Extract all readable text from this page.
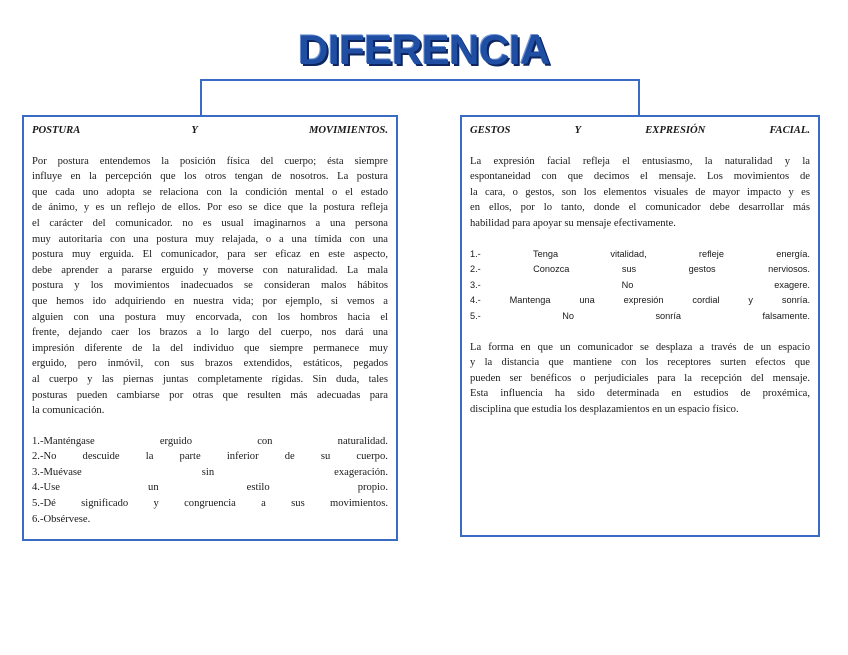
DIFERENCIA
POSTURA	Y	MOVIMIENTOS.
Por postura entendemos la posición física del cuerpo; ésta siempre
influye en la percepción que los otros tengan de nosotros. La postura
que cada uno adopta se relaciona con la condición mental o el estado
de ánimo, y es un reflejo de ellos. Por eso se dice que la postura refleja
el carácter del comunicador. no es usual imaginarnos a una persona
muy autoritaria con una postura muy relajada, o a una tímida con una
postura muy erguida. El comunicador, para ser eficaz en este aspecto,
debe aprender a pararse erguido y moverse con naturalidad. La mala
postura y los movimientos inadecuados se consideran malos hábitos
que hemos ido adquiriendo en nuestra vida; por ejemplo, si vemos a
alguien con una postura muy encorvada, con los hombros hacia el
frente, dejando caer los brazos a lo largo del cuerpo, nos dará una
impresión diferente de la del individuo que siempre permanece muy
erguido, pero inmóvil, con sus brazos extendidos, estáticos, pegados
al cuerpo y las piernas juntas completamente rígidas. Sin duda, tales
posturas pueden cambiarse por otras que resulten más adecuadas para
la comunicación.
1.-Manténgase	erguido	con	naturalidad.
2.-No descuide la parte inferior de su cuerpo.
3.-Muévase	sin	exageración.
4.-Use	un	estilo	propio.
5.-Dé significado y congruencia a sus movimientos.
6.-Obsérvese.
GESTOS	Y	EXPRESIÓN	FACIAL.
La expresión facial refleja el entusiasmo, la naturalidad y la
espontaneidad con que decimos el mensaje. Los movimientos de
la cara, o gestos, son los elementos visuales de mayor impacto y es
en ellos, por lo tanto, donde el comunicador debe desarrollar más
habilidad para apoyar su mensaje efectivamente.
1.-	Tenga	vitalidad,	refleje	energía.
2.-	Conozca	sus	gestos	nerviosos.
3.-	No	exagere.
4.-	Mantenga	una	expresión	cordial	y	sonría.
5.-	No	sonría	falsamente.
La forma en que un comunicador se desplaza a través de un espacio
y la distancia que mantiene con los receptores surten efectos que
pueden ser benéficos o perjudiciales para la recepción del mensaje.
Esta influencia ha sido determinada en estudios de proxémica,
disciplina que estudia los desplazamientos en un espacio físico.
